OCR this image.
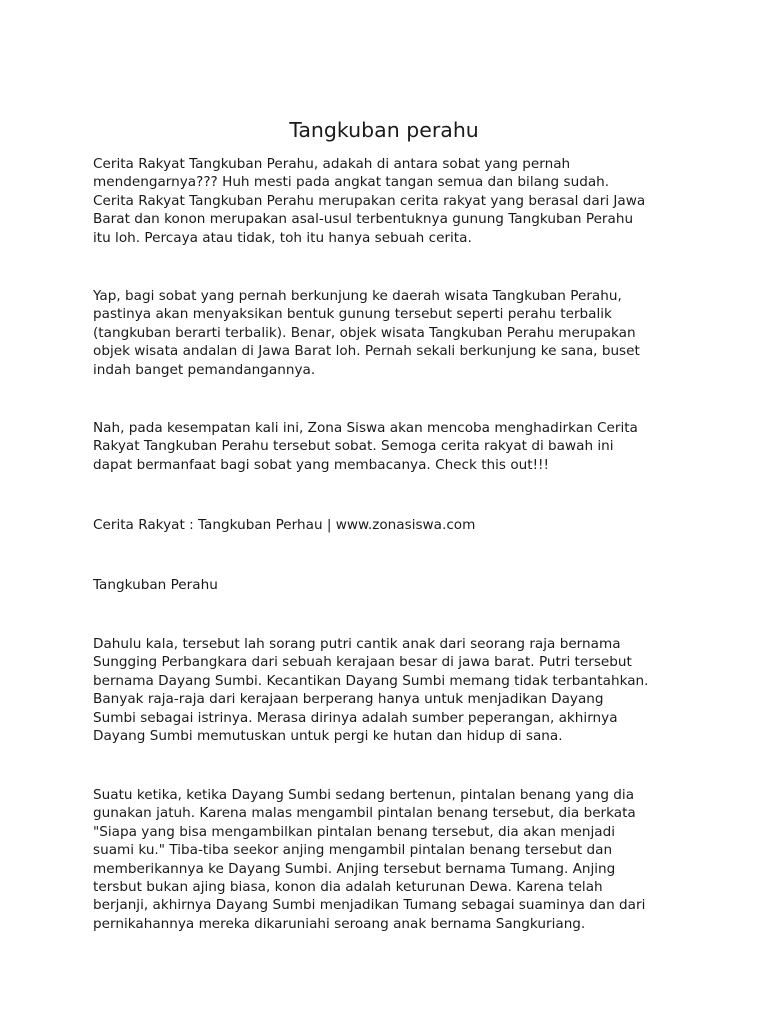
Tangkuban perahu

Cerita Rakyat Tangkuban Perahu, adakah di antara sobat yang pernah
mendengarnya??? Huh mesti pada angkat tangan semua dan bilang sudah.
Cerita Rakyat Tangkuban Perahu merupakan cerita rakyat yang berasal dari Jawa
Barat dan konon merupakan asal-usul terbentuknya gunung Tangkuban Perahu
itu loh. Percaya atau tidak, toh itu hanya sebuah cerita.

Yap, bagi sobat yang pernah berkunjung ke daerah wisata Tangkuban Perahu,
pastinya akan menyaksikan bentuk gunung tersebut seperti perahu terbalik
(tangkuban berarti terbalik). Benar, objek wisata Tangkuban Perahu merupakan
objek wisata andalan di Jawa Barat loh. Pernah sekali berkunjung ke sana, buset
indah banget pemandangannya.

Nah, pada kesempatan kali ini, Zona Siswa akan mencoba menghadirkan Cerita
Rakyat Tangkuban Perahu tersebut sobat. Semoga cerita rakyat di bawah ini
dapat bermanfaat bagi sobat yang membacanya. Check this out!!!

Cerita Rakyat : Tangkuban Perhau | www.zonasiswa.com

Tangkuban Perahu

Dahulu kala, tersebut lah sorang putri cantik anak dari seorang raja bernama
Sungging Perbangkara dari sebuah kerajaan besar di jawa barat. Putri tersebut
bernama Dayang Sumbi. Kecantikan Dayang Sumbi memang tidak terbantahkan.
Banyak raja-raja dari kerajaan berperang hanya untuk menjadikan Dayang
Sumbi sebagai istrinya. Merasa dirinya adalah sumber peperangan, akhirnya
Dayang Sumbi memutuskan untuk pergi ke hutan dan hidup di sana.

Suatu ketika, ketika Dayang Sumbi sedang bertenun, pintalan benang yang dia
gunakan jatuh. Karena malas mengambil pintalan benang tersebut, dia berkata
"Siapa yang bisa mengambilkan pintalan benang tersebut, dia akan menjadi
suami ku." Tiba-tiba seekor anjing mengambil pintalan benang tersebut dan
memberikannya ke Dayang Sumbi. Anjing tersebut bernama Tumang. Anjing
tersbut bukan ajing biasa, konon dia adalah keturunan Dewa. Karena telah
berjanji, akhirnya Dayang Sumbi menjadikan Tumang sebagai suaminya dan dari
pernikahannya mereka dikaruniahi seroang anak bernama Sangkuriang.
